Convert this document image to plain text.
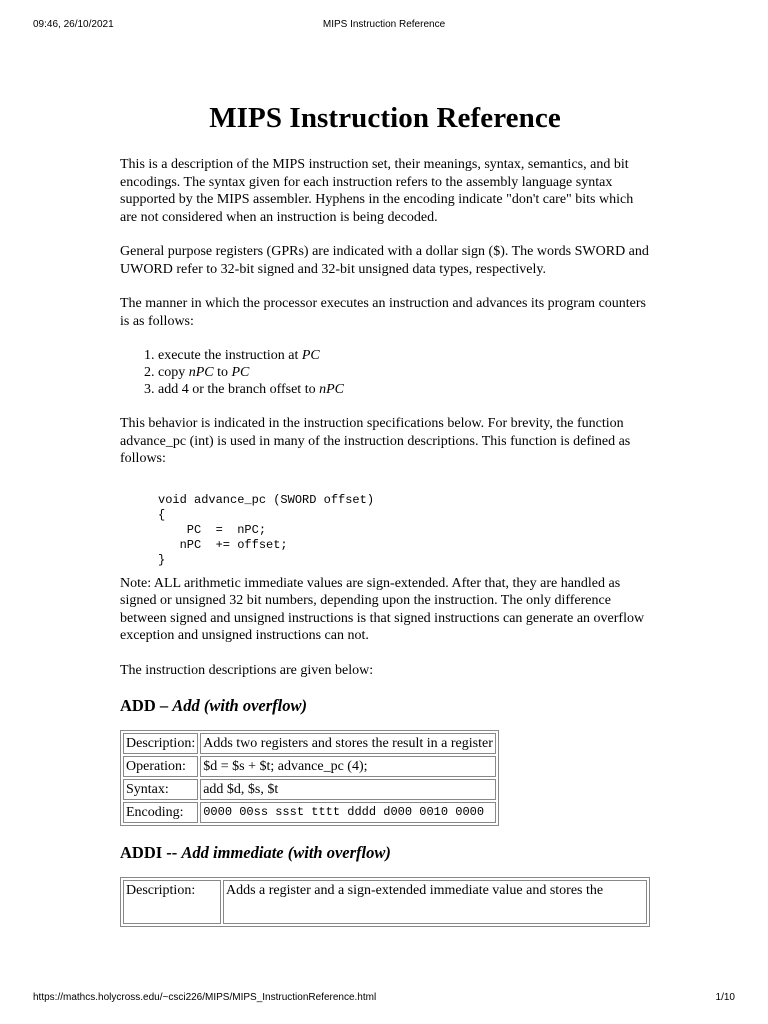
09:46, 26/10/2021	MIPS Instruction Reference
MIPS Instruction Reference

This is a description of the MIPS instruction set, their meanings, syntax, semantics, and bit encodings. The syntax given for each instruction refers to the assembly language syntax supported by the MIPS assembler. Hyphens in the encoding indicate "don't care" bits which are not considered when an instruction is being decoded.

General purpose registers (GPRs) are indicated with a dollar sign ($). The words SWORD and UWORD refer to 32-bit signed and 32-bit unsigned data types, respectively.

The manner in which the processor executes an instruction and advances its program counters is as follows:

1. execute the instruction at PC
2. copy nPC to PC
3. add 4 or the branch offset to nPC

This behavior is indicated in the instruction specifications below. For brevity, the function advance_pc (int) is used in many of the instruction descriptions. This function is defined as follows:

void advance_pc (SWORD offset)
{
PC  =  nPC;
nPC  += offset;
}

Note: ALL arithmetic immediate values are sign-extended. After that, they are handled as signed or unsigned 32 bit numbers, depending upon the instruction. The only difference between signed and unsigned instructions is that signed instructions can generate an overflow exception and unsigned instructions can not.

The instruction descriptions are given below:

ADD – Add (with overflow)
Description:	Adds two registers and stores the result in a register
Operation:	$d = $s + $t; advance_pc (4);
Syntax:	add $d, $s, $t
Encoding:	0000 00ss ssst tttt dddd d000 0010 0000
ADDI -- Add immediate (with overflow)
Description:	Adds a register and a sign-extended immediate value and stores the
https://mathcs.holycross.edu/~csci226/MIPS/MIPS_InstructionReference.html	1/10
